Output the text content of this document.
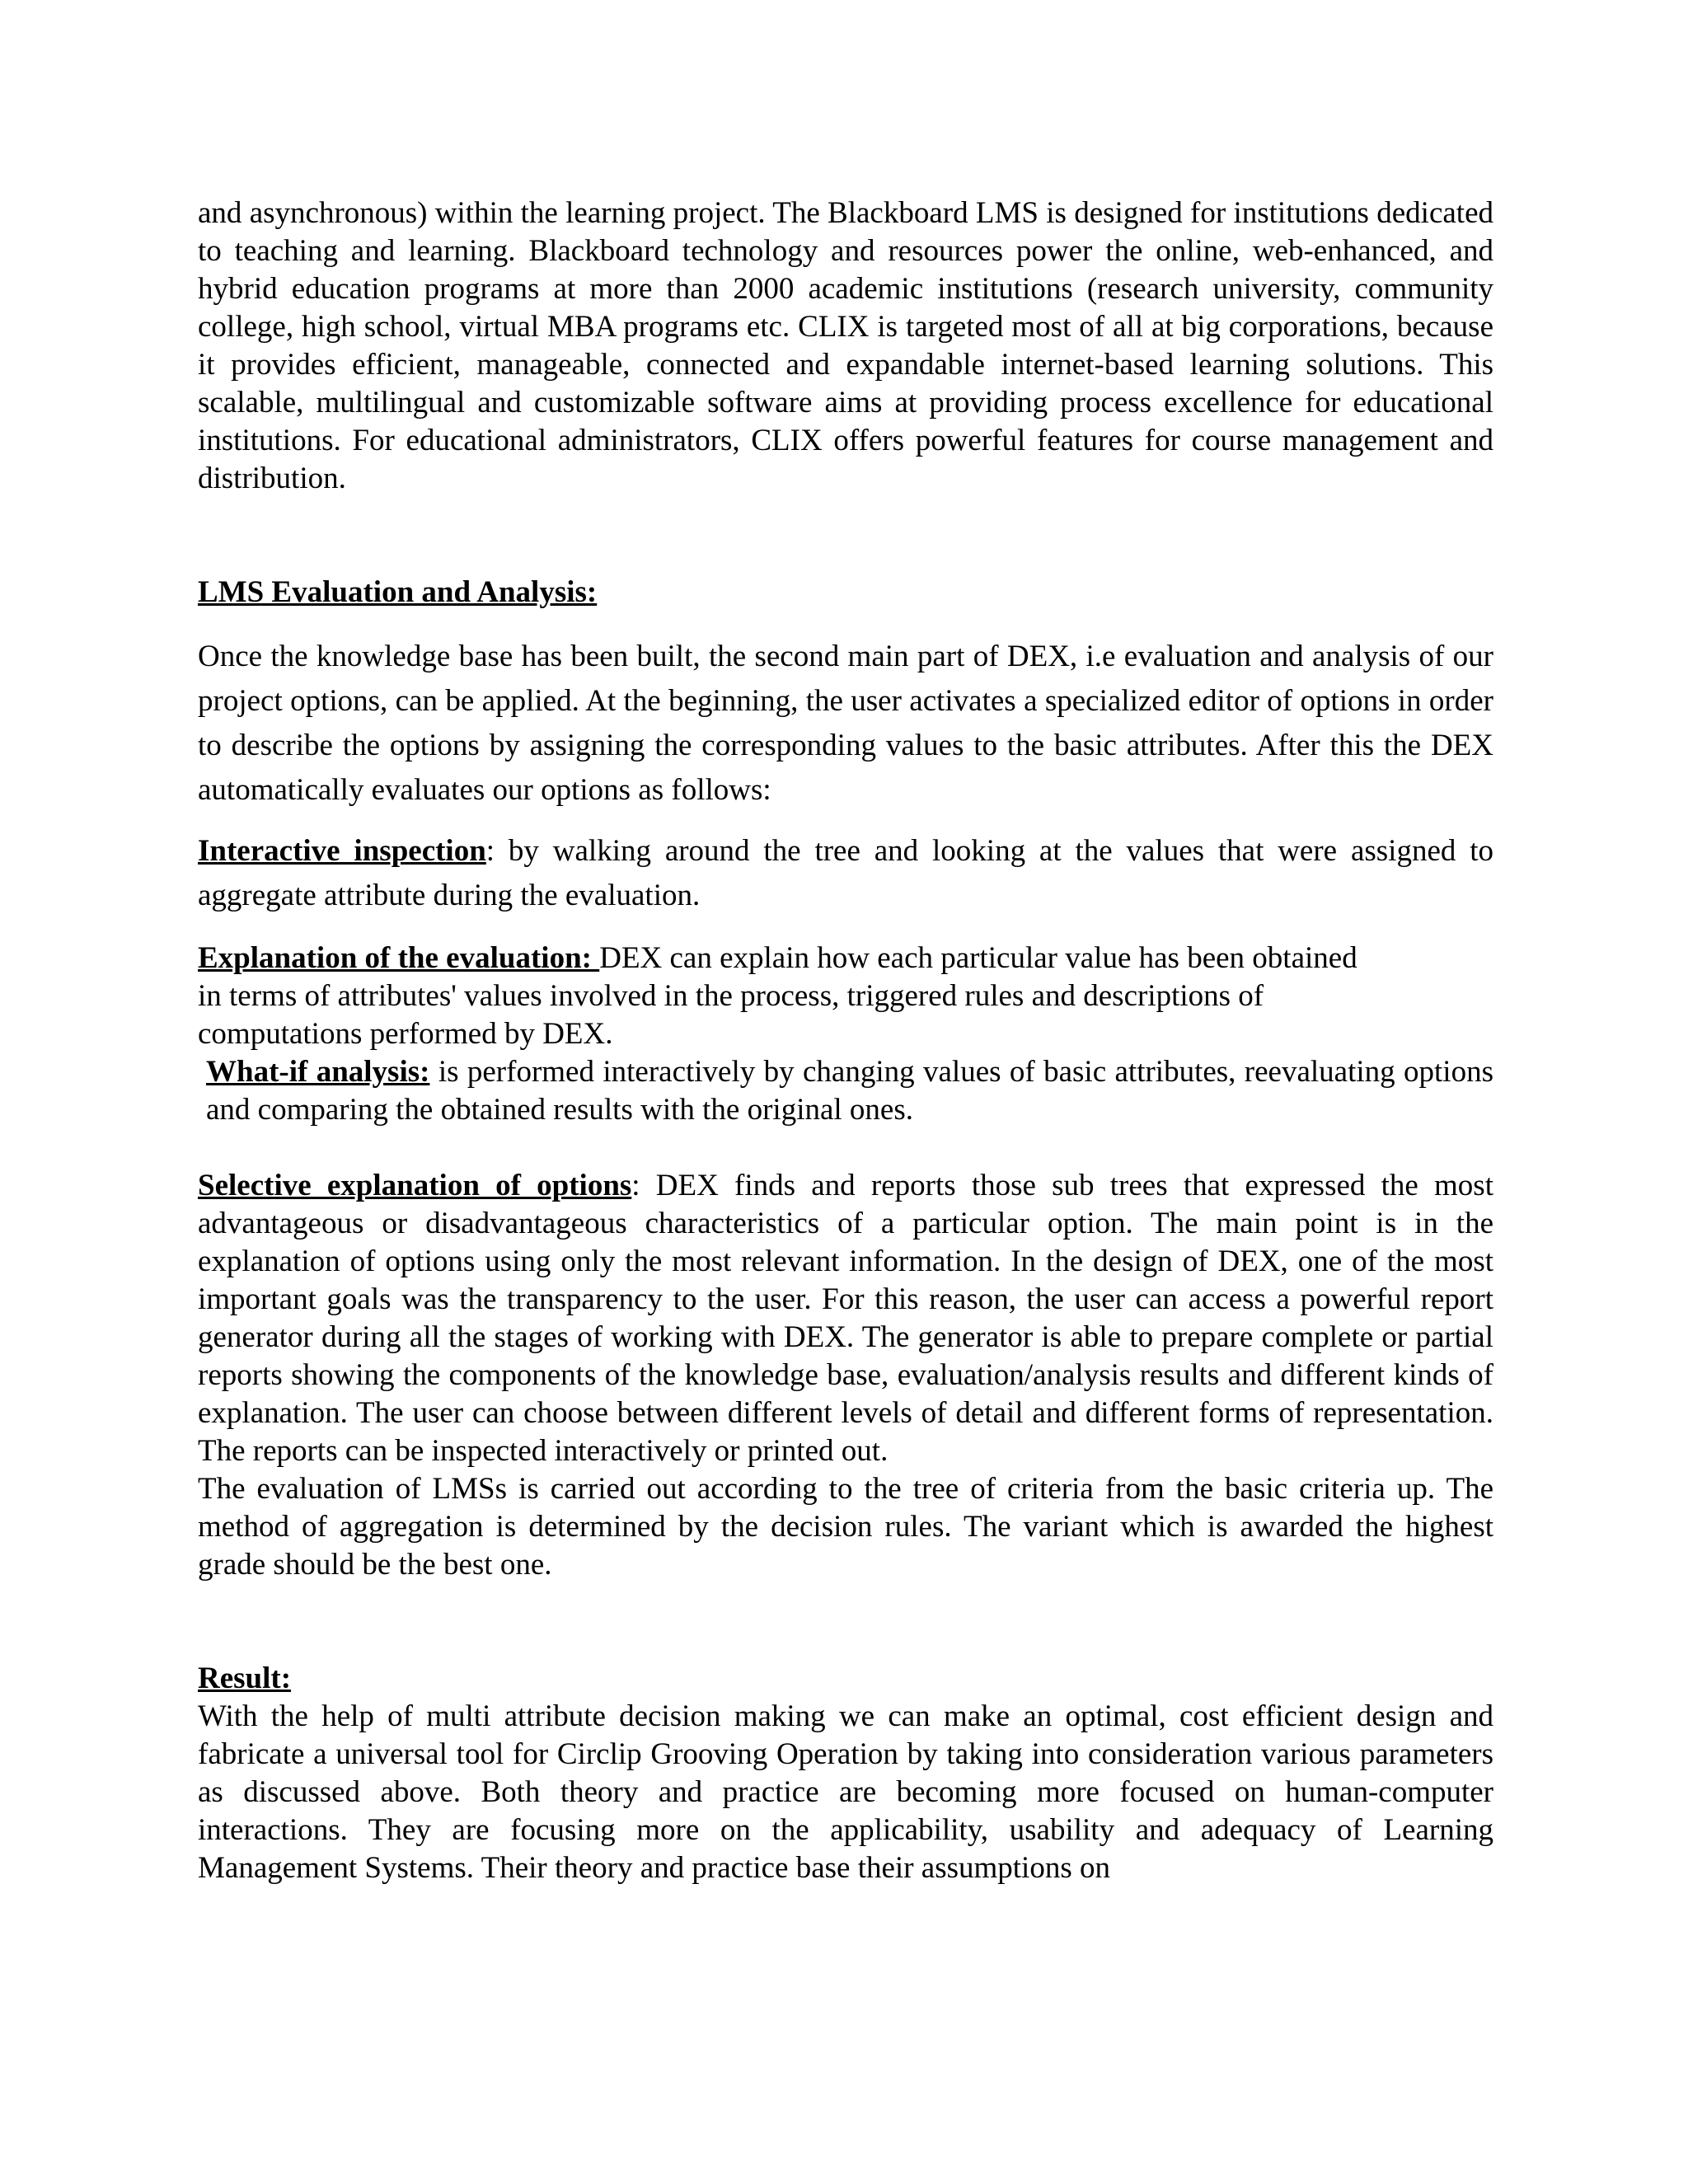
and asynchronous) within the learning project. The Blackboard LMS is designed for institutions dedicated to teaching and learning. Blackboard technology and resources power the online, web-enhanced, and hybrid education programs at more than 2000 academic institutions (research university, community college, high school, virtual MBA programs etc. CLIX is targeted most of all at big corporations, because it provides efficient, manageable, connected and expandable internet-based learning solutions. This scalable, multilingual and customizable software aims at providing process excellence for educational institutions. For educational administrators, CLIX offers powerful features for course management and distribution.

LMS Evaluation and Analysis:

Once the knowledge base has been built, the second main part of DEX, i.e evaluation and analysis of our project options, can be applied. At the beginning, the user activates a specialized editor of options in order to describe the options by assigning the corresponding values to the basic attributes. After this the DEX automatically evaluates our options as follows:

Interactive inspection: by walking around the tree and looking at the values that were assigned to aggregate attribute during the evaluation.

Explanation of the evaluation: DEX can explain how each particular value has been obtained
in terms of attributes' values involved in the process, triggered rules and descriptions of
computations performed by DEX.

What-if analysis: is performed interactively by changing values of basic attributes, reevaluating options and comparing the obtained results with the original ones.

Selective explanation of options: DEX finds and reports those sub trees that expressed the most advantageous or disadvantageous characteristics of a particular option. The main point is in the explanation of options using only the most relevant information. In the design of DEX, one of the most important goals was the transparency to the user. For this reason, the user can access a powerful report generator during all the stages of working with DEX. The generator is able to prepare complete or partial reports showing the components of the knowledge base, evaluation/analysis results and different kinds of explanation. The user can choose between different levels of detail and different forms of representation. The reports can be inspected interactively or printed out.

The evaluation of LMSs is carried out according to the tree of criteria from the basic criteria up. The method of aggregation is determined by the decision rules. The variant which is awarded the highest grade should be the best one.

Result:

With the help of multi attribute decision making we can make an optimal, cost efficient design and fabricate a universal tool for Circlip Grooving Operation by taking into consideration various parameters as discussed above. Both theory and practice are becoming more focused on human-computer interactions. They are focusing more on the applicability, usability and adequacy of Learning Management Systems. Their theory and practice base their assumptions on
